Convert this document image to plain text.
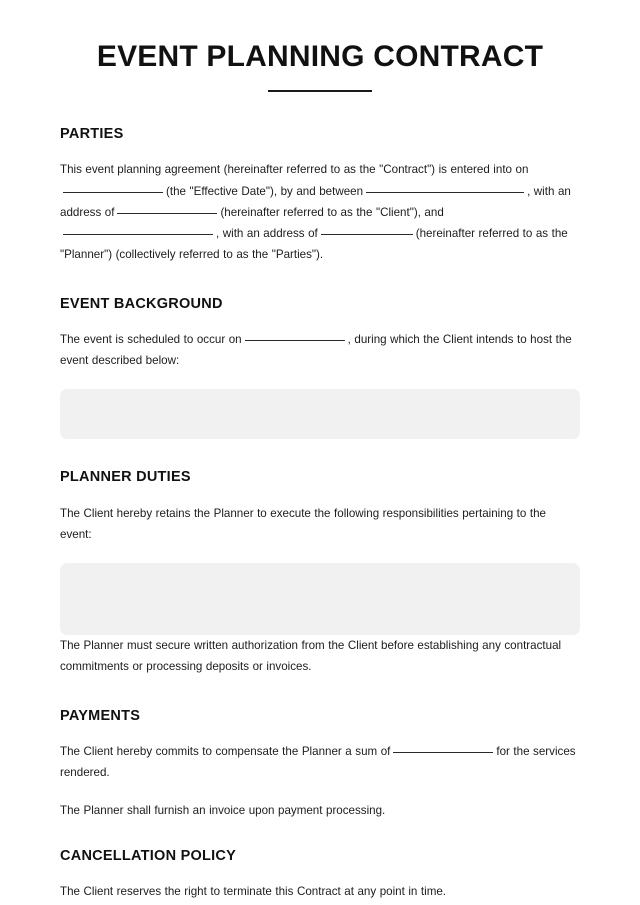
EVENT PLANNING CONTRACT
PARTIES

This event planning agreement (hereinafter referred to as the "Contract") is entered into on(the "Effective Date"), by and between	, with an address of	(hereinafter referred to as the "Client"), and, with an address of	(hereinafter referred to as the "Planner") (collectively referred to as the "Parties").

EVENT BACKGROUND

The event is scheduled to occur on	, during which the Client intends to host the event described below:

PLANNER DUTIES

The Client hereby retains the Planner to execute the following responsibilities pertaining to the event:

The Planner must secure written authorization from the Client before establishing any contractual commitments or processing deposits or invoices.

PAYMENTS

The Client hereby commits to compensate the Planner a sum of	for the services rendered.

The Planner shall furnish an invoice upon payment processing.

CANCELLATION POLICY

The Client reserves the right to terminate this Contract at any point in time.
